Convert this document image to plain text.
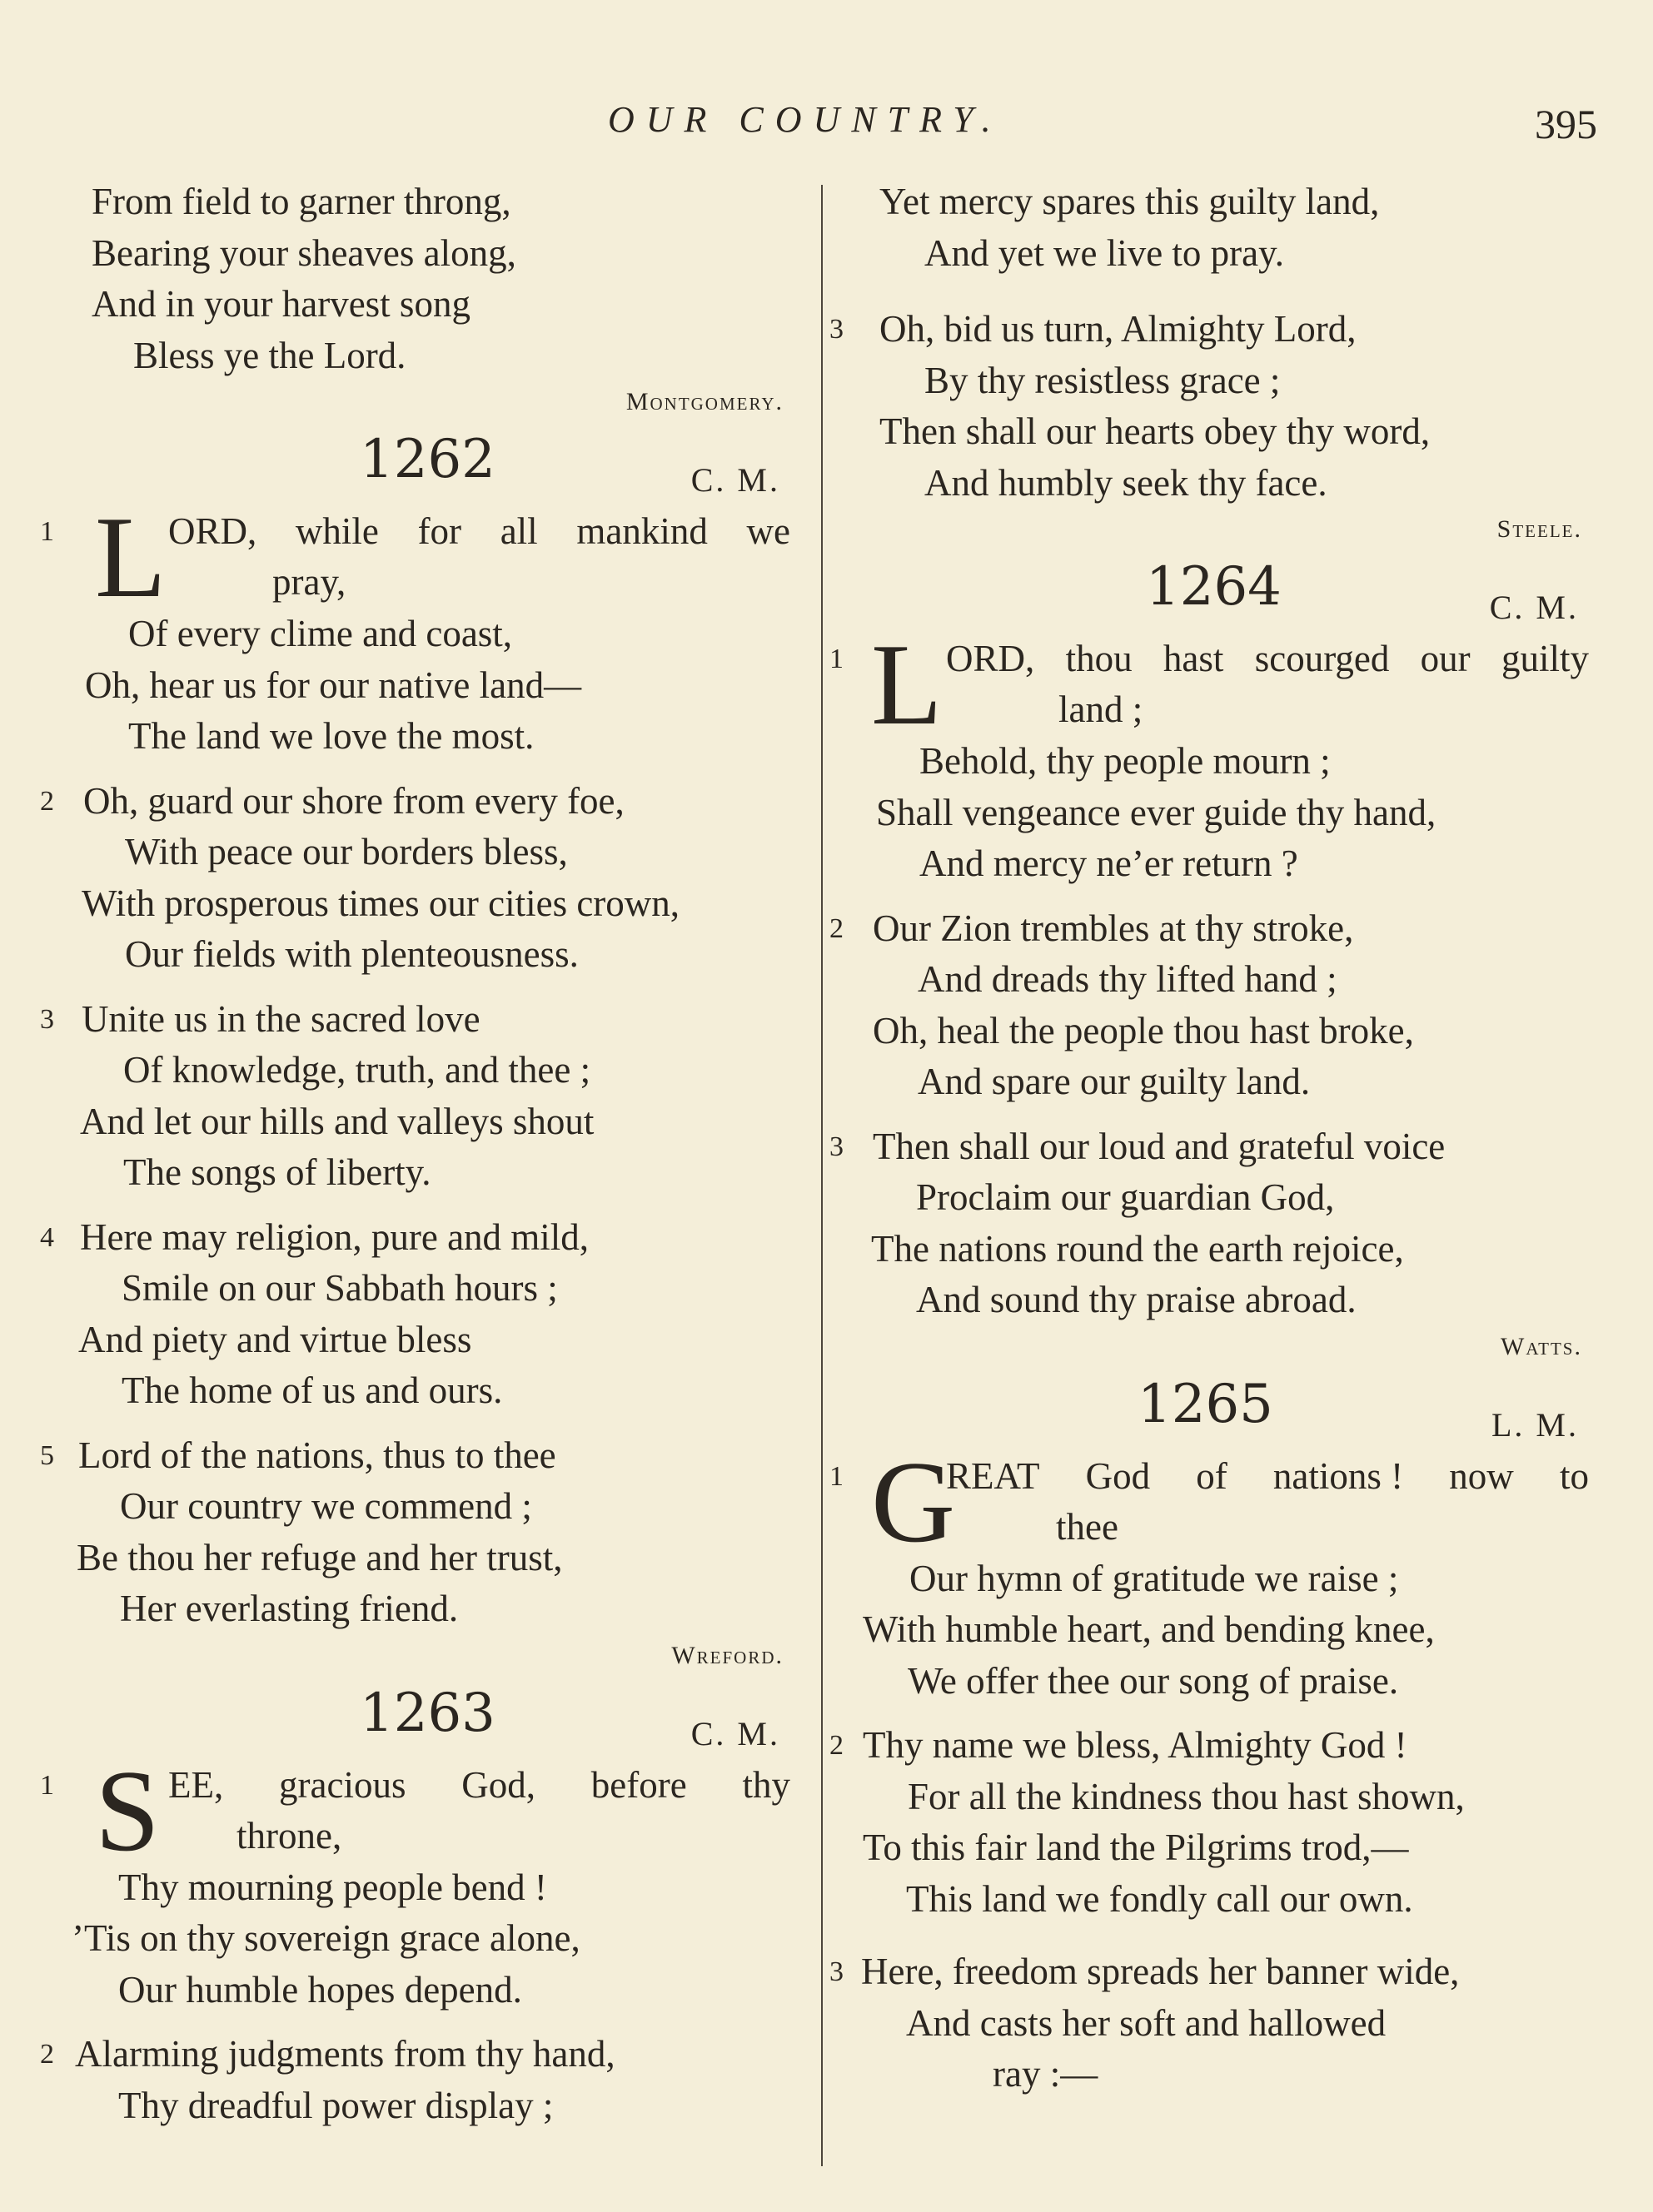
OUR COUNTRY.	395
From field to garner throng,
Bearing your sheaves along,
And in your harvest song
Bless ye the Lord.
Montgomery.
1262	C. M.
1 L ORD, while for all mankind we
pray,
Of every clime and coast,
Oh, hear us for our native land—
The land we love the most.
2 Oh, guard our shore from every foe,
With peace our borders bless,
With prosperous times our cities crown,
Our fields with plenteousness.
3 Unite us in the sacred love
Of knowledge, truth, and thee ;
And let our hills and valleys shout
The songs of liberty.
4 Here may religion, pure and mild,
Smile on our Sabbath hours ;
And piety and virtue bless
The home of us and ours.
5 Lord of the nations, thus to thee
Our country we commend ;
Be thou her refuge and her trust,
Her everlasting friend.
Wreford.
1263	C. M.
1 S EE, gracious God, before thy
throne,
Thy mourning people bend !
’Tis on thy sovereign grace alone,
Our humble hopes depend.
2 Alarming judgments from thy hand,
Thy dreadful power display ;
Yet mercy spares this guilty land,
And yet we live to pray.
3 Oh, bid us turn, Almighty Lord,
By thy resistless grace ;
Then shall our hearts obey thy word,
And humbly seek thy face.
Steele.
1264	C. M.
1 L ORD, thou hast scourged our guilty
land ;
Behold, thy people mourn ;
Shall vengeance ever guide thy hand,
And mercy ne’er return ?
2 Our Zion trembles at thy stroke,
And dreads thy lifted hand ;
Oh, heal the people thou hast broke,
And spare our guilty land.
3 Then shall our loud and grateful voice
Proclaim our guardian God,
The nations round the earth rejoice,
And sound thy praise abroad.
Watts.
1265	L. M.
1 G
REAT God of nations ! now to
thee
Our hymn of gratitude we raise ;
With humble heart, and bending knee,
We offer thee our song of praise.
2 Thy name we bless, Almighty God !
For all the kindness thou hast shown,
To this fair land the Pilgrims trod,—
This land we fondly call our own.
3 Here, freedom spreads her banner wide,
And casts her soft and hallowed
ray :—
